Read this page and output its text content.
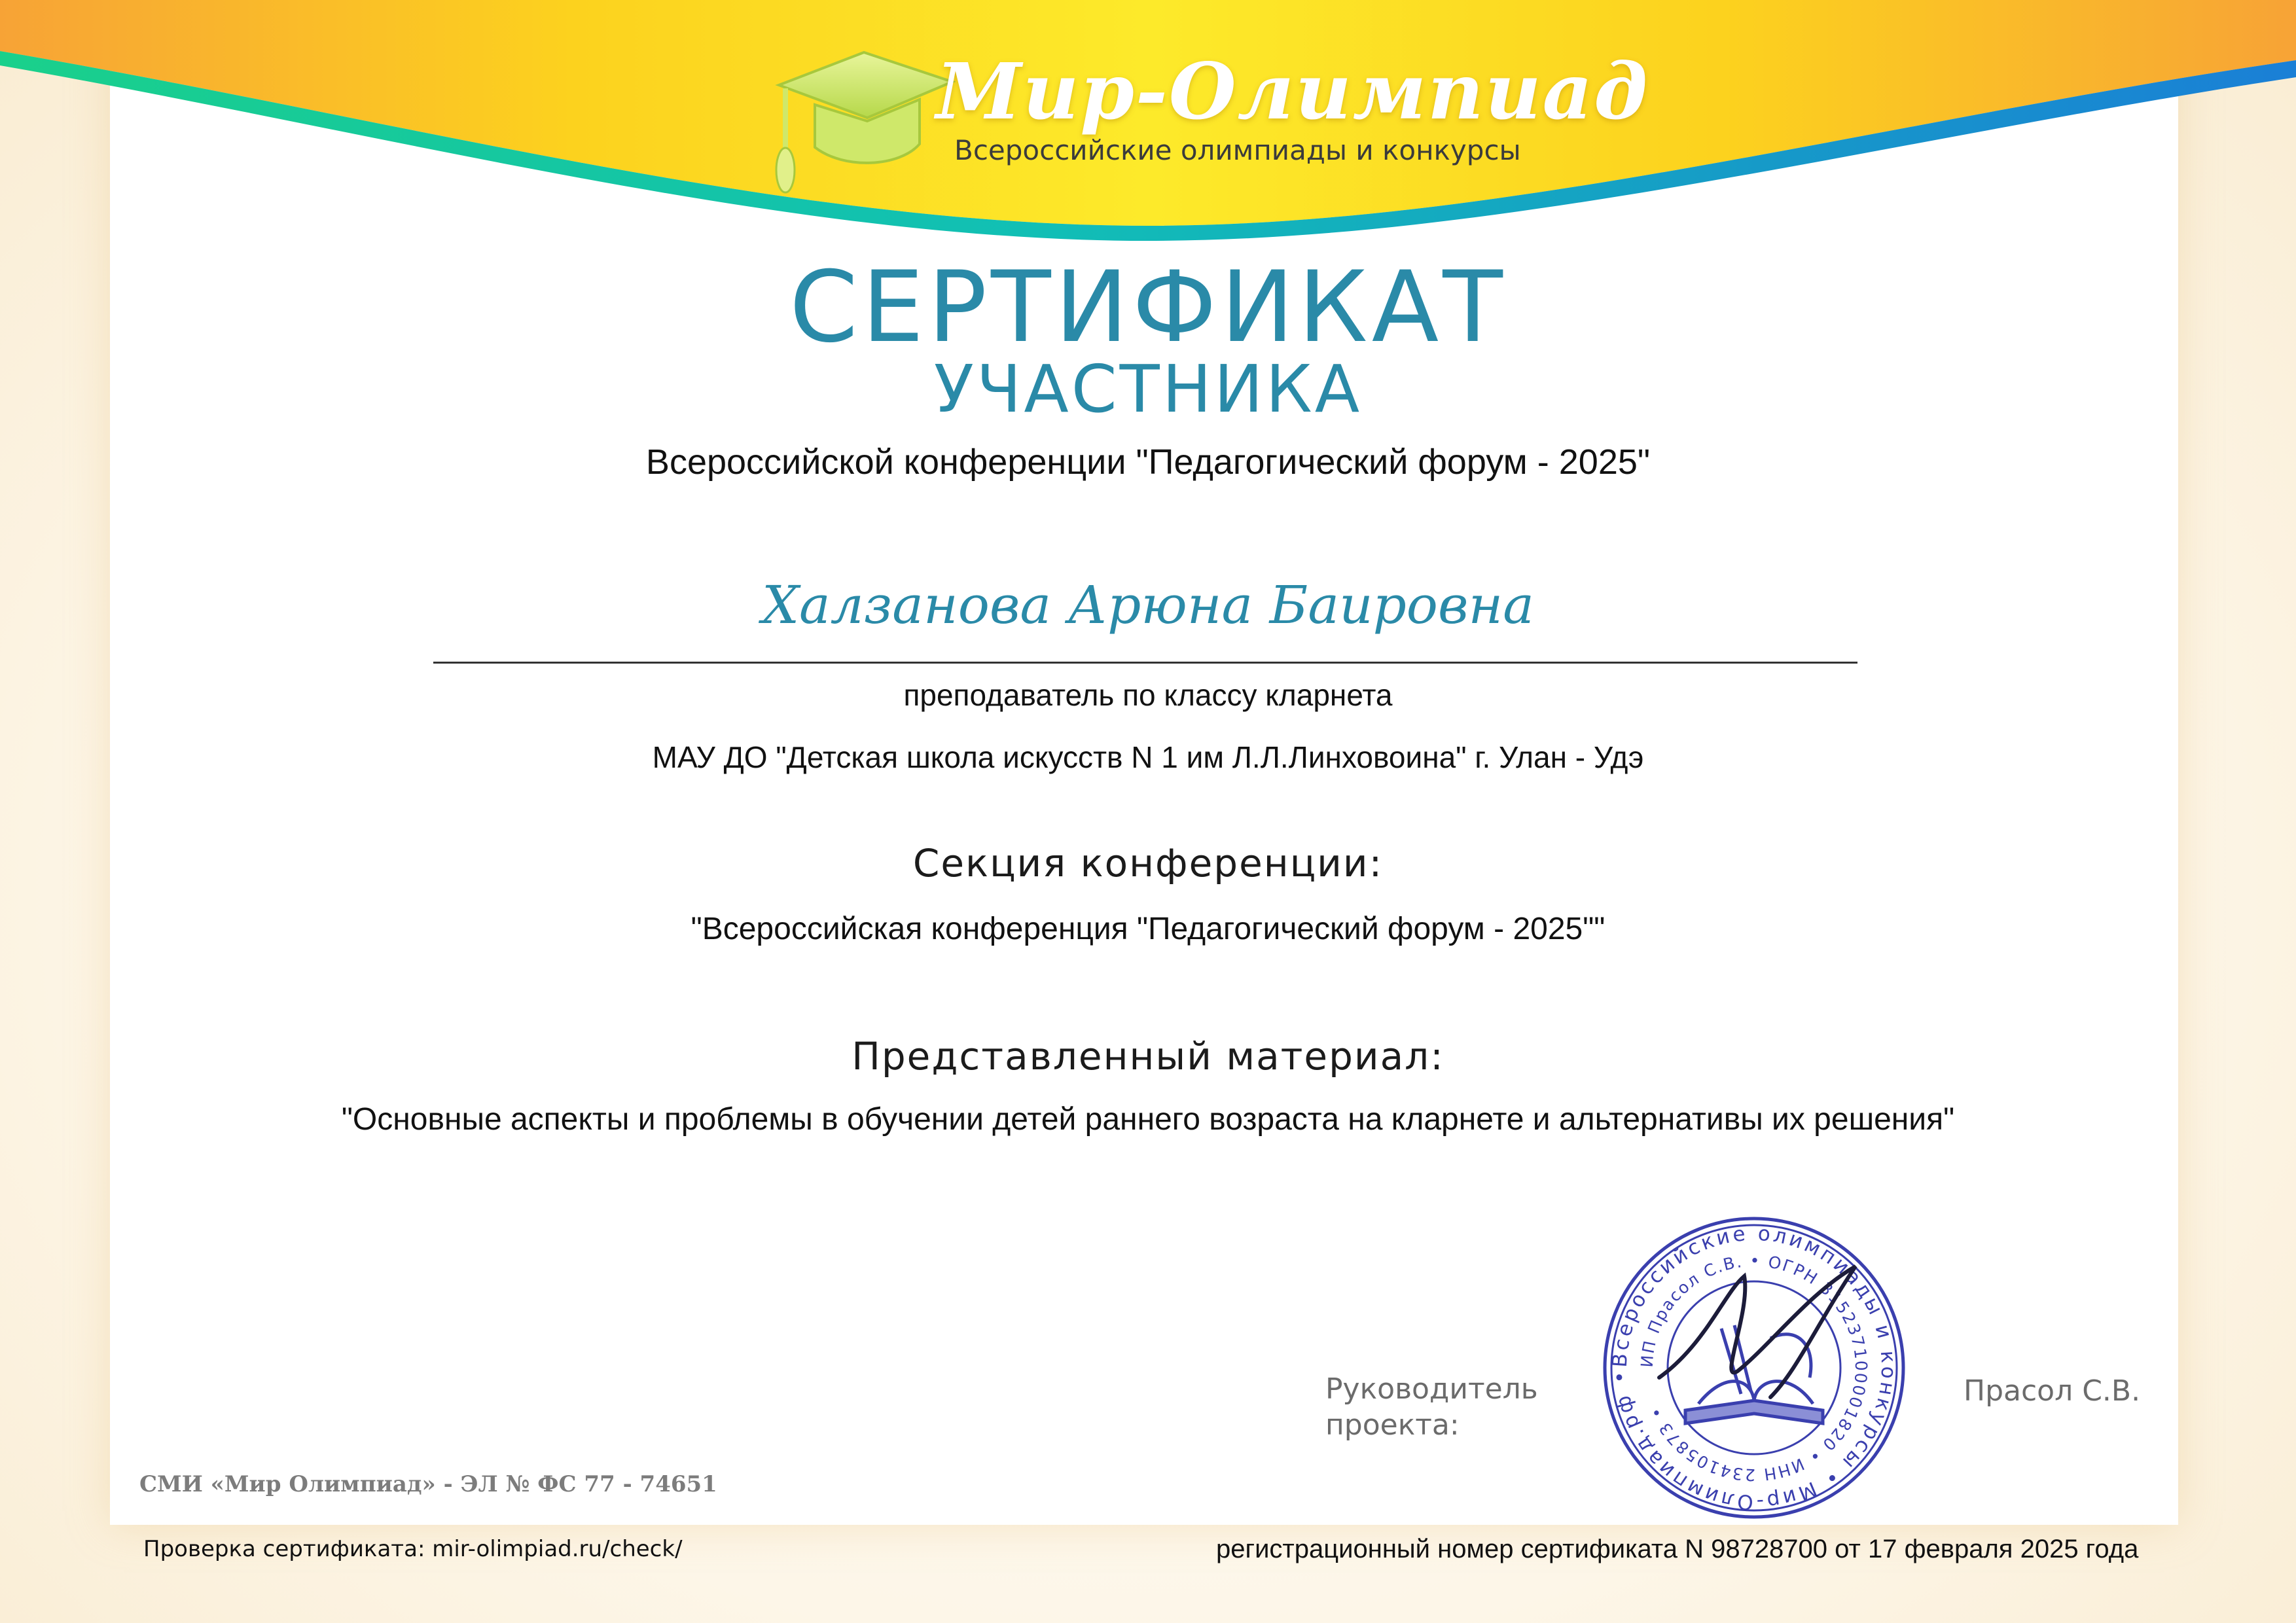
Мир-Олимпиад
Всероссийские олимпиады и конкурсы
СЕРТИФИКАТ
УЧАСТНИКА
Всероссийской конференции "Педагогический форум - 2025"
Халзанова Арюна Баировна
преподаватель по классу кларнета
МАУ ДО "Детская школа искусств N 1 им Л.Л.Линховоина" г. Улан - Удэ
Секция конференции:
"Всероссийская конференция "Педагогический форум - 2025""
Представленный материал:
"Основные аспекты и проблемы в обучении детей раннего возраста на кларнете и альтернативы их решения"
Руководитель
проекта:
Всероссийские олимпиады и конкурсы • Мир-Олимпиад.рф •
ИП Прасол С.В. • ОГРН 315237100001820 • ИНН 234105873 •
Прасол С.В.
СМИ «Мир Олимпиад» - ЭЛ № ФС 77 - 74651
Проверка сертификата: mir-olimpiad.ru/check/	регистрационный номер сертификата N 98728700 от 17 февраля 2025 года
